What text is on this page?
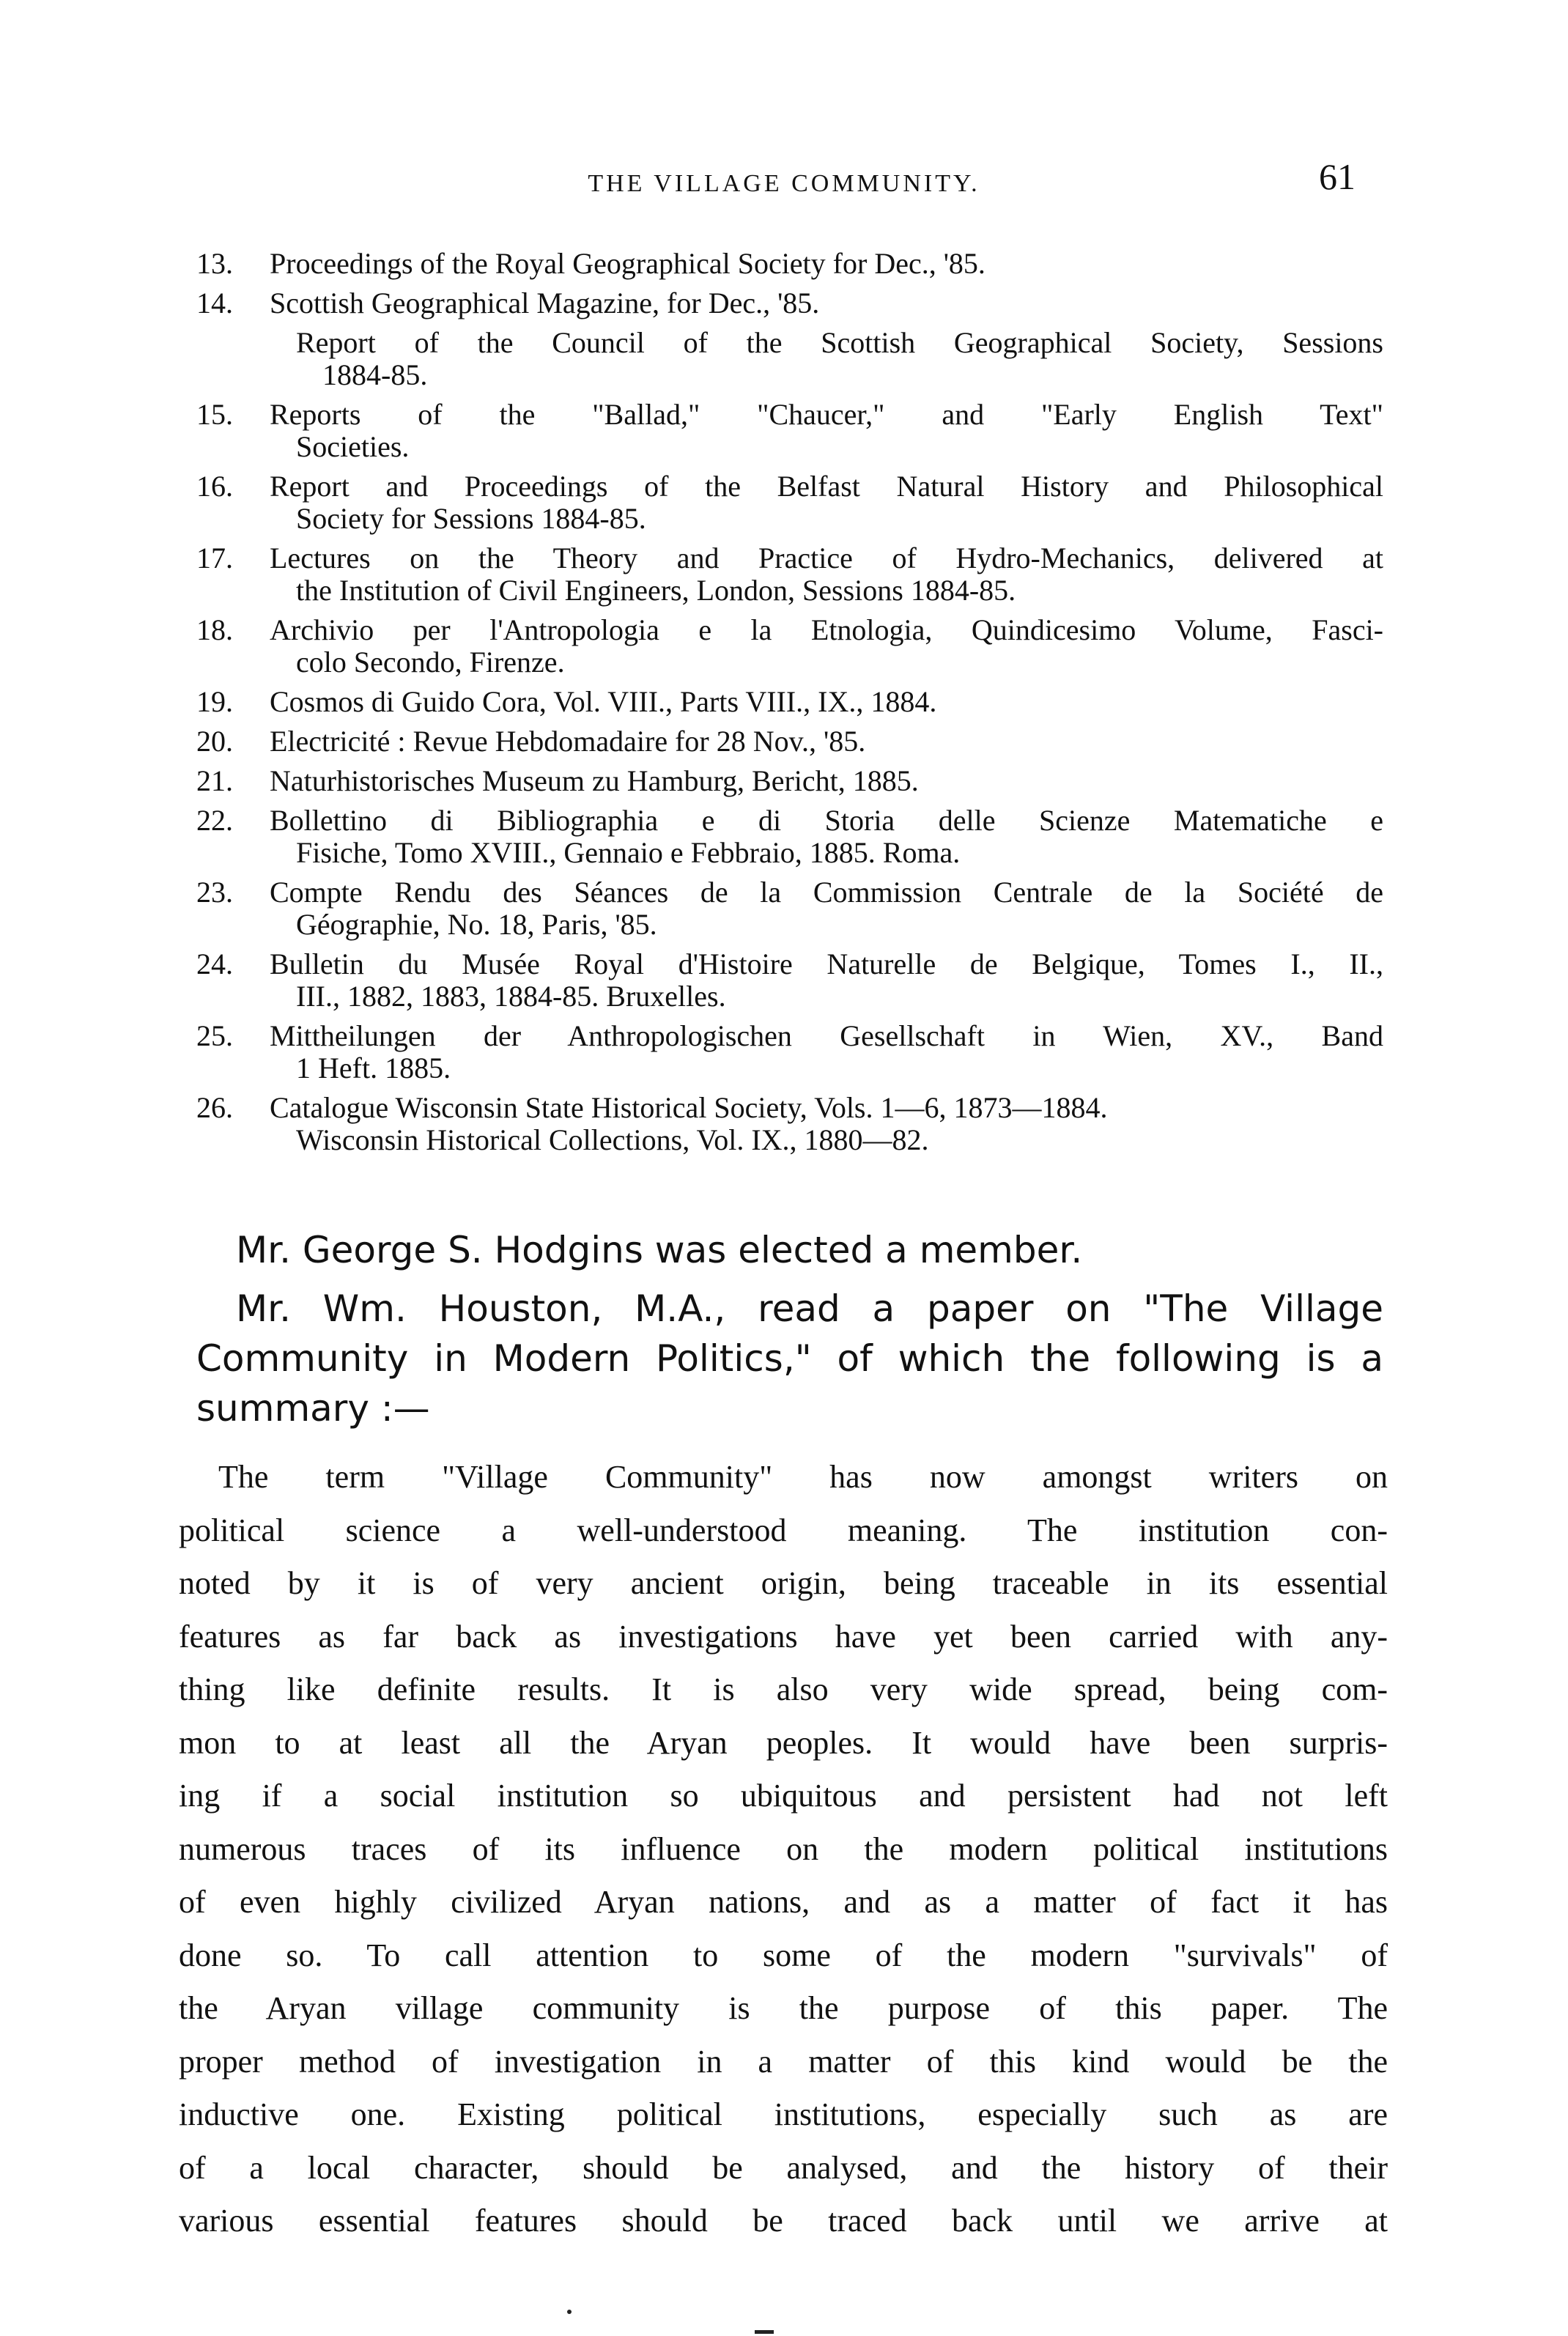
THE VILLAGE COMMUNITY.	61
13. Proceedings of the Royal Geographical Society for Dec., '85.
14. Scottish Geographical Magazine, for Dec., '85.
Report of the Council of the Scottish Geographical Society, Sessions
1884-85.
15. Reports of the "Ballad," "Chaucer," and "Early English Text"
Societies.
16. Report and Proceedings of the Belfast Natural History and Philosophical
Society for Sessions 1884-85.
17. Lectures on the Theory and Practice of Hydro-Mechanics, delivered at
the Institution of Civil Engineers, London, Sessions 1884-85.
18. Archivio per l'Antropologia e la Etnologia, Quindicesimo Volume, Fasci-
colo Secondo, Firenze.
19. Cosmos di Guido Cora, Vol. VIII., Parts VIII., IX., 1884.
20. Electricité : Revue Hebdomadaire for 28 Nov., '85.
21. Naturhistorisches Museum zu Hamburg, Bericht, 1885.
22. Bollettino di Bibliographia e di Storia delle Scienze Matematiche e
Fisiche, Tomo XVIII., Gennaio e Febbraio, 1885. Roma.
23. Compte Rendu des Séances de la Commission Centrale de la Société de
Géographie, No. 18, Paris, '85.
24. Bulletin du Musée Royal d'Histoire Naturelle de Belgique, Tomes I., II.,
III., 1882, 1883, 1884-85. Bruxelles.
25. Mittheilungen der Anthropologischen Gesellschaft in Wien, XV., Band
1 Heft. 1885.
26. Catalogue Wisconsin State Historical Society, Vols. 1—6, 1873—1884.
Wisconsin Historical Collections, Vol. IX., 1880—82.
Mr. George S. Hodgins was elected a member.
Mr. Wm. Houston, M.A., read a paper on "The Village
Community in Modern Politics," of which the following is a
summary :—
The term "Village Community" has now amongst writers on
political science a well-understood meaning. The institution con-
noted by it is of very ancient origin, being traceable in its essential
features as far back as investigations have yet been carried with any-
thing like definite results. It is also very wide spread, being com-
mon to at least all the Aryan peoples. It would have been surpris-
ing if a social institution so ubiquitous and persistent had not left
numerous traces of its influence on the modern political institutions
of even highly civilized Aryan nations, and as a matter of fact it has
done so. To call attention to some of the modern "survivals" of
the Aryan village community is the purpose of this paper. The
proper method of investigation in a matter of this kind would be the
inductive one. Existing political institutions, especially such as are
of a local character, should be analysed, and the history of their
various essential features should be traced back until we arrive at
